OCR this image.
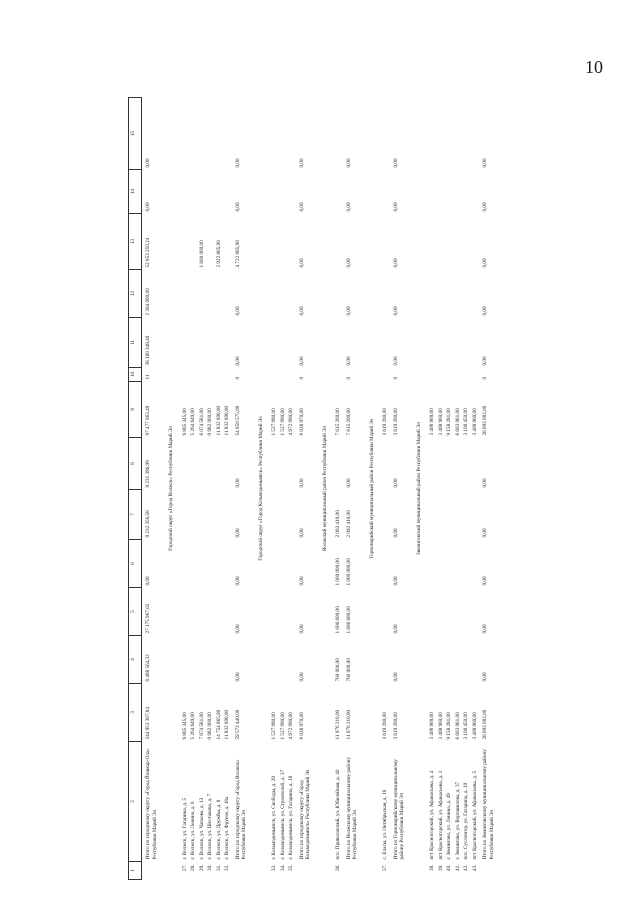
10
1	2	3	4	5	6	7	8	9	10	11	12	13	14	15
	Итого по городскому округу «Город Йошкар-Ола» Республики Марий Эл	244 953 387,84	8 488 564,32	27 175 967,02	0,00	9 232 356,58	9 231 396,99	97 477 062,49	11	38 180 348,40	2 304 000,00	52 853 250,24	0,00	0,00
Городской округ «Город Волжск» Республики Марий Эл														
27.	г. Волжск, ул. Гагарина, д. 5	9 865 345,00						9 865 345,00						
28.	г. Волжск, ул. Ленина, д. 6	5 264 649,00						5 264 649,00						
29.	г. Волжск, ул. Чапаева, д. 13	7 874 581,00						6 074 581,00				1 800 000,00		
30.	г. Волжск, ул. Шестакова, д. 7	9 982 000,00						9 982 000,00						
31.	г. Волжск, ул. Дружбы, д. 8	14 754 865,90						11 832 000,00				2 922 865,90		
32.	г. Волжск, ул. Фрунзе, д. 18а	11 832 000,00						11 832 000,00						
	Итого по городскому округу «Город Волжск» Республики Марий Эл	59 572 440,00	0,00	0,00	0,00	0,00	0,00	54 850 575,00	0	0,00	0,00	4 722 865,90	0,00	0,00
Городской округ «Город Козьмодемьянск» Республики Марий Эл														
33.	г. Козьмодемьянск, ул. Свободы, д. 29	1 527 990,00						1 527 990,00						
34.	г. Козьмодемьянск, ул. Строителей, д. 37	1 527 990,00						1 527 990,00						
35.	г. Козьмодемьянск, ул. Гагарина, д. 18	4 972 990,00						4 972 990,00						
	Итого по городскому округу «Город Козьмодемьянск» Республики Марий Эл	8 028 970,00	0,00	0,00	0,00	0,00	0,00	8 028 970,00	0	0,00	0,00	0,00	0,00	0,00
Волжский муниципальный район Республики Марий Эл														
36.	пос. Приволжский, ул. Юбилейная, д. 40	11 076 210,00	760 000,00	1 606 600,00	1 000 000,00	2 092 410,00		7 615 200,00						
	Итого по Волжскому муниципальному району Республики Марий Эл	11 076 210,00	760 000,00	1 606 600,00	1 000 000,00	2 092 410,00	0,00	7 615 200,00	0	0,00	0,00	0,00	0,00	0,00
Горномарийский муниципальный район Республики Марий Эл														
37.	с. Еласы, ул. Октябрьская, д. 18	3 619 200,00						3 619 200,00						
	Итого по Горномарийскому муниципальному району Республики Марий Эл	3 619 200,00	0,00	0,00	0,00	0,00	0,00	3 619 200,00	0	0,00	0,00	0,00	0,00	0,00
Звениговский муниципальный район Республики Марий Эл														
38.	пгт Красногорский, ул. Афанасьева, д. 4	3 408 960,00						3 408 960,00						
39.	пгт Красногорский, ул. Афанасьева, д. 3	3 408 960,00						3 408 960,00						
40.	г. Звенигово, ул. Ленина, д. 49	9 158 281,00						9 158 281,00						
41.	г. Звенигово, ул. Ворошилова, д. 37	6 603 081,00						6 603 081,00						
42.	пос. Суслонгер, ул. Гагарина, д. 10	3 108 450,00						3 108 450,00						
43.	пгт Красногорский, ул. Афанасьева, д. 5	3 408 960,00						3 408 960,00						
	Итого по Звениговскому муниципальному району Республики Марий Эл	28 893 682,00	0,00	0,00	0,00	0,00	0,00	28 893 682,00	0	0,00	0,00	0,00	0,00	0,00
